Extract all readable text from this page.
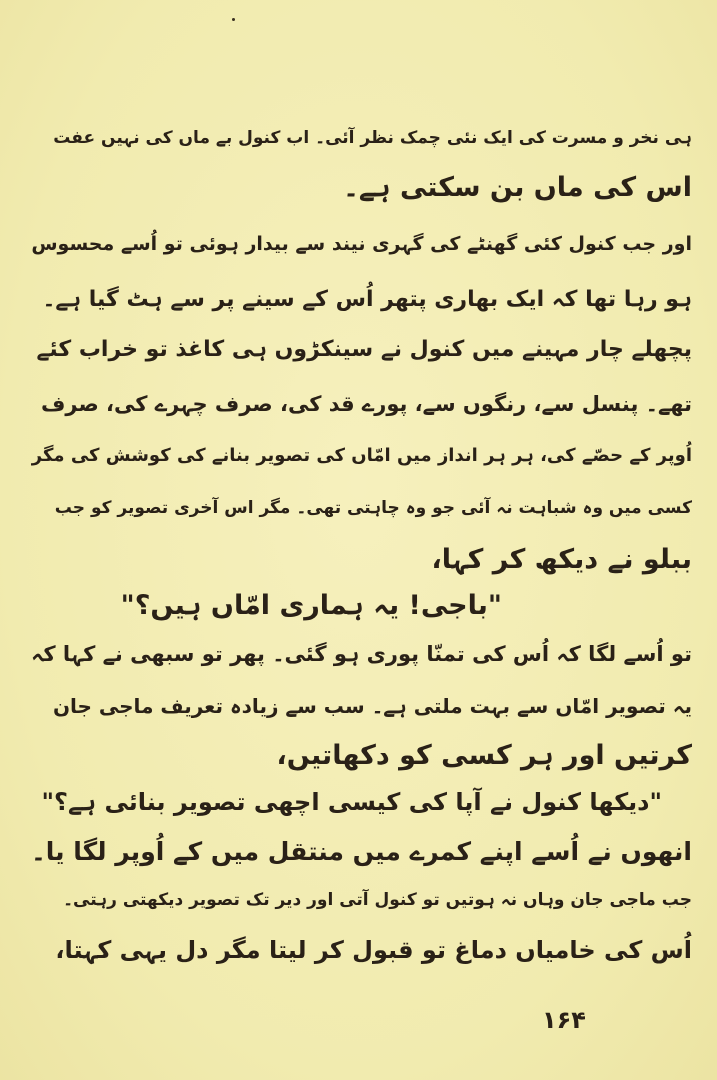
ہی نخر و مسرت کی ایک نئی چمک نظر آئی۔ اب کنول بے ماں کی نہیں عفت
اس کی ماں بن سکتی ہے۔
اور جب کنول کئی گھنٹے کی گہری نیند سے بیدار ہوئی تو اُسے محسوس
ہو رہا تھا کہ ایک بھاری پتھر اُس کے سینے پر سے ہٹ گیا ہے۔
پچھلے چار مہینے میں کنول نے سینکڑوں ہی کاغذ تو خراب کئے
تھے۔ پنسل سے، رنگوں سے، پورے قد کی، صرف چہرے کی، صرف
اُوپر کے حصّے کی، ہر ہر انداز میں امّاں کی تصویر بنانے کی کوشش کی مگر
کسی میں وہ شباہت نہ آئی جو وہ چاہتی تھی۔ مگر اس آخری تصویر کو جب
ببلو نے دیکھ کر کہا،
"باجی! یہ ہماری امّاں ہیں؟"
تو اُسے لگا کہ اُس کی تمنّا پوری ہو گئی۔ پھر تو سبھی نے کہا کہ
یہ تصویر امّاں سے بہت ملتی ہے۔ سب سے زیادہ تعریف ماجی جان
کرتیں اور ہر کسی کو دکھاتیں،
"دیکھا کنول نے آپا کی کیسی اچھی تصویر بنائی ہے؟"
انھوں نے اُسے اپنے کمرے میں منتقل میں کے اُوپر لگا یا۔
جب ماجی جان وہاں نہ ہوتیں تو کنول آتی اور دیر تک تصویر دیکھتی رہتی۔
اُس کی خامیاں دماغ تو قبول کر لیتا مگر دل یہی کہتا،
۱۶۴
